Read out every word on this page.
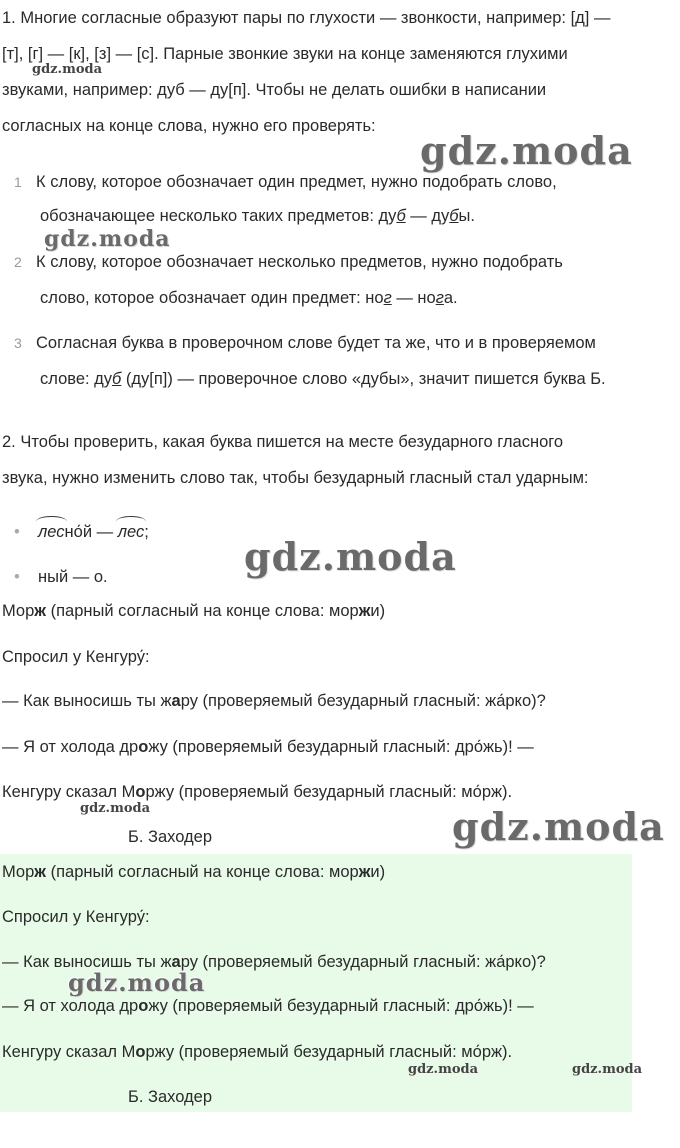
1. Многие согласные образуют пары по глухости — звонкости, например: [д] —
[т], [г] — [к], [з] — [с]. Парные звонкие звуки на конце заменяются глухими
звуками, например: дуб — ду[п]. Чтобы не делать ошибки в написании
согласных на конце слова, нужно его проверять:
1 К слову, которое обозначает один предмет, нужно подобрать слово,
обозначающее несколько таких предметов: дуб — дубы.
2 К слову, которое обозначает несколько предметов, нужно подобрать
слово, которое обозначает один предмет: ног — нога.
3 Согласная буква в проверочном слове будет та же, что и в проверяемом
слове: дуб (ду[п]) — проверочное слово «дубы», значит пишется буква Б.
2. Чтобы проверить, какая буква пишется на месте безударного гласного
звука, нужно изменить слово так, чтобы безударный гласный стал ударным:
• лесно́й — лес;
• ный — о.
Морж (парный согласный на конце слова: моржи)
Спросил у Кенгуру́:
— Как выносишь ты жару (проверяемый безударный гласный: жа́рко)?
— Я от холода дрожу (проверяемый безударный гласный: дро́жь)! —
Кенгуру сказал Моржу (проверяемый безударный гласный: мо́рж).
Б. Заходер
Морж (парный согласный на конце слова: моржи)
Спросил у Кенгуру́:
— Как выносишь ты жару (проверяемый безударный гласный: жа́рко)?
— Я от холода дрожу (проверяемый безударный гласный: дро́жь)! —
Кенгуру сказал Моржу (проверяемый безударный гласный: мо́рж).
Б. Заходер
gdz.moda
gdz.moda
gdz.moda
gdz.moda
gdz.moda	gdz.moda
gdz.moda
gdz.moda	gdz.moda
